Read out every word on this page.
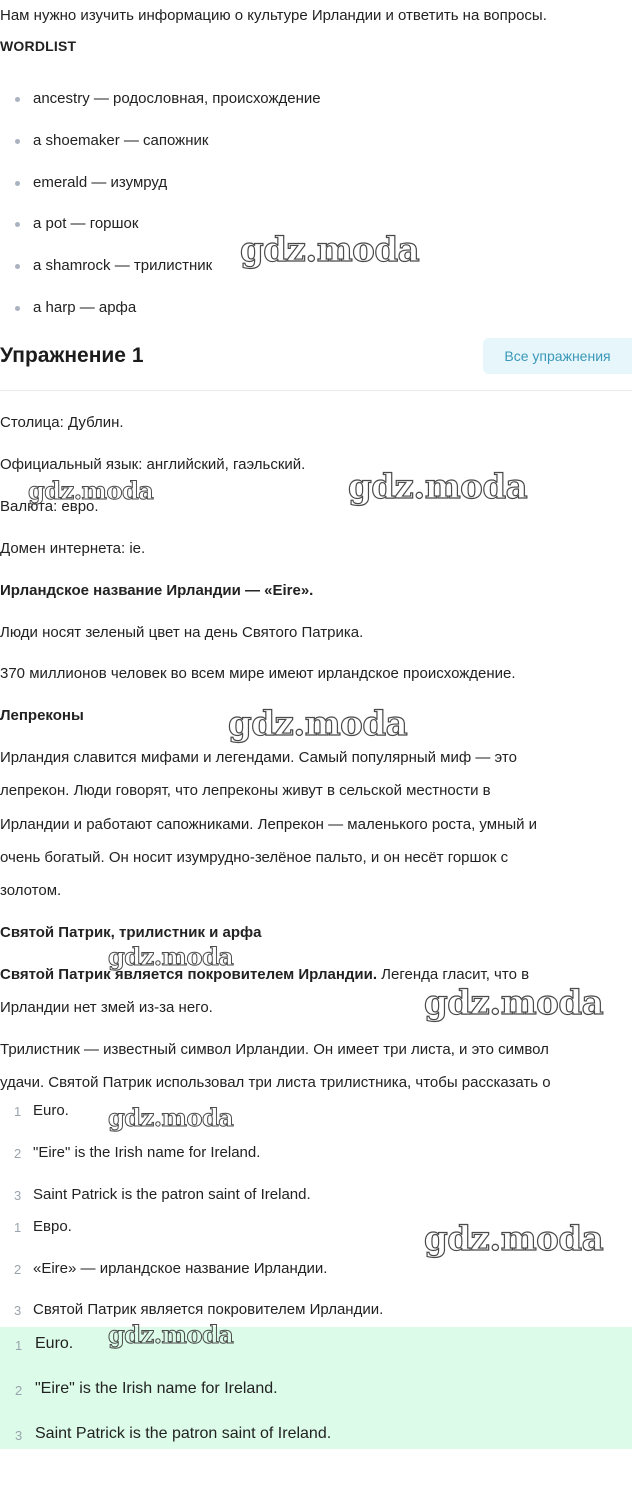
Нам нужно изучить информацию о культуре Ирландии и ответить на вопросы.
WORDLIST
ancestry — родословная, происхождение
a shoemaker — сапожник
emerald — изумруд
a pot — горшок
a shamrock — трилистник
a harp — арфа
Упражнение 1	Все упражнения
Столица: Дублин.
Официальный язык: английский, гаэльский.
Валюта: евро.
Домен интернета: ie.
Ирландское название Ирландии — «Eire».
Люди носят зеленый цвет на день Святого Патрика.
370 миллионов человек во всем мире имеют ирландское происхождение.
Лепреконы
Ирландия славится мифами и легендами. Самый популярный миф — это
лепрекон. Люди говорят, что лепреконы живут в сельской местности в
Ирландии и работают сапожниками. Лепрекон — маленького роста, умный и
очень богатый. Он носит изумрудно-зелёное пальто, и он несёт горшок с
золотом.
Святой Патрик, трилистник и арфа
Святой Патрик является покровителем Ирландии. Легенда гласит, что в
Ирландии нет змей из-за него.
Трилистник — известный символ Ирландии. Он имеет три листа, и это символ
удачи. Святой Патрик использовал три листа трилистника, чтобы рассказать о
1 Euro.
2 "Eire" is the Irish name for Ireland.
3 Saint Patrick is the patron saint of Ireland.
1 Евро.
2 «Eire» — ирландское название Ирландии.
3 Святой Патрик является покровителем Ирландии.
1 Euro.
2 "Eire" is the Irish name for Ireland.
3 Saint Patrick is the patron saint of Ireland.
gdz.moda
gdz.moda	gdz.moda
gdz.moda
gdz.moda
gdz.moda
gdz.moda
gdz.moda
gdz.moda
